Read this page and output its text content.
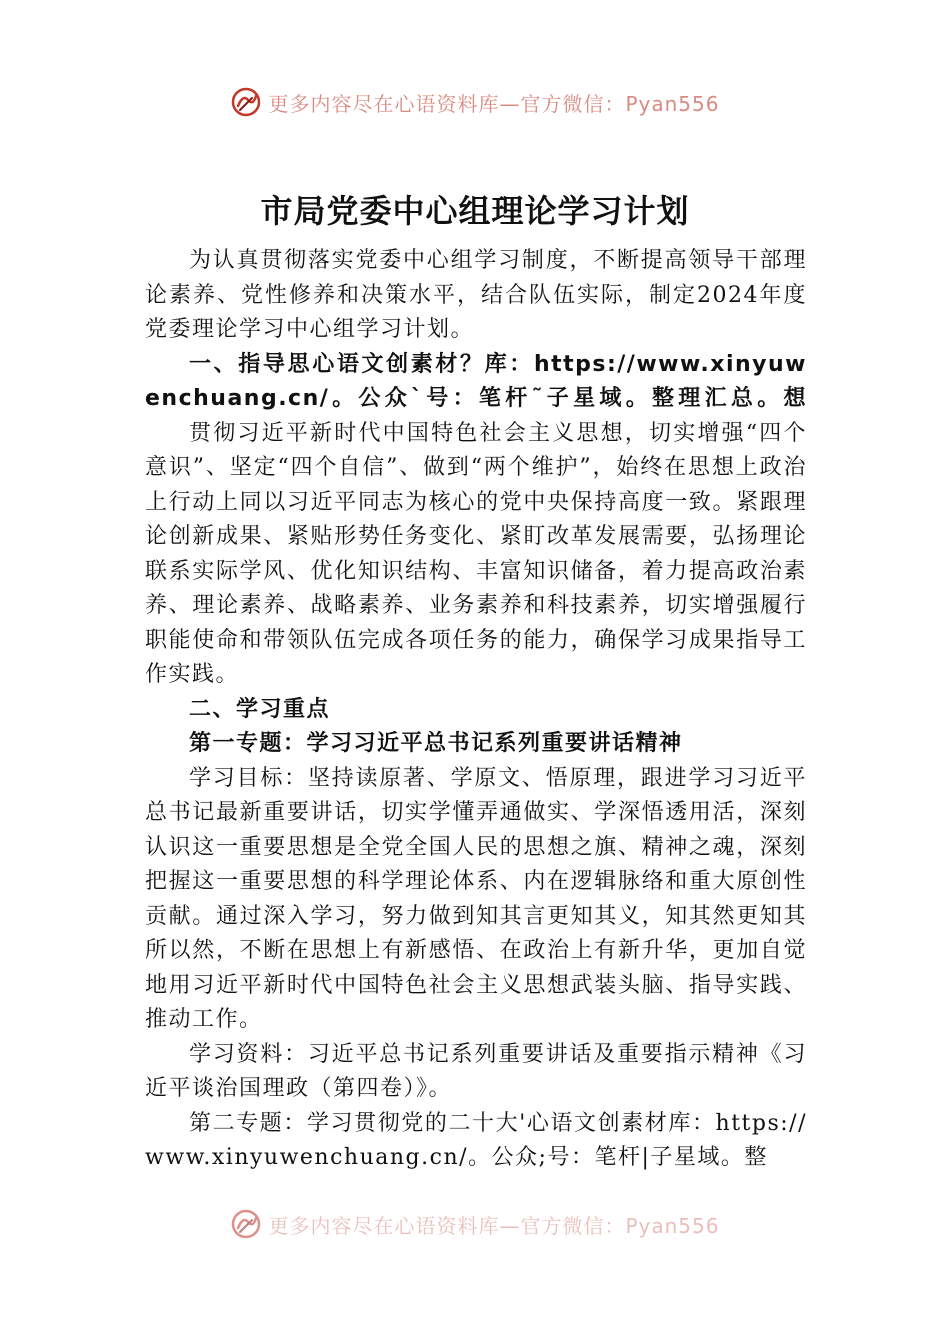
更多内容尽在心语资料库—官方微信：Pyan556
市局党委中心组理论学习计划

为认真贯彻落实党委中心组学习制度，不断提高领导干部理论素养、党性修养和决策水平，结合队伍实际，制定2024年度党委理论学习中心组学习计划。

一、指导思心语文创素材？库：https://www.xinyuwenchuang.cn/。公众`号：笔杆˜子星域。整理汇总。想

贯彻习近平新时代中国特色社会主义思想，切实增强“四个意识”、坚定“四个自信”、做到“两个维护”，始终在思想上政治上行动上同以习近平同志为核心的党中央保持高度一致。紧跟理论创新成果、紧贴形势任务变化、紧盯改革发展需要，弘扬理论联系实际学风、优化知识结构、丰富知识储备，着力提高政治素养、理论素养、战略素养、业务素养和科技素养，切实增强履行职能使命和带领队伍完成各项任务的能力，确保学习成果指导工作实践。

二、学习重点

第一专题：学习习近平总书记系列重要讲话精神

学习目标：坚持读原著、学原文、悟原理，跟进学习习近平总书记最新重要讲话，切实学懂弄通做实、学深悟透用活，深刻认识这一重要思想是全党全国人民的思想之旗、精神之魂，深刻把握这一重要思想的科学理论体系、内在逻辑脉络和重大原创性贡献。通过深入学习，努力做到知其言更知其义，知其然更知其所以然，不断在思想上有新感悟、在政治上有新升华，更加自觉地用习近平新时代中国特色社会主义思想武装头脑、指导实践、推动工作。

学习资料：习近平总书记系列重要讲话及重要指示精神《习近平谈治国理政（第四卷）》。

第二专题：学习贯彻党的二十大'心语文创素材库：https://www.xinyuwenchuang.cn/。公众;号：笔杆|子星域。整

更多内容尽在心语资料库—官方微信：Pyan556
